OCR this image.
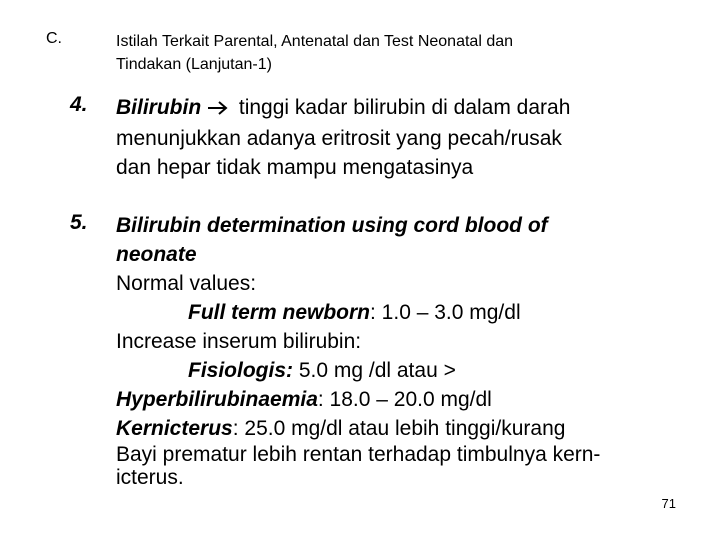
C.	Istilah Terkait Parental, Antenatal dan Test Neonatal dan
Tindakan (Lanjutan-1)
4. Bilirubin tinggi kadar bilirubin di dalam darah
menunjukkan adanya eritrosit yang pecah/rusak
dan hepar tidak mampu mengatasinya
5. Bilirubin determination using cord blood of
neonate
Normal values:
Full term newborn: 1.0 – 3.0 mg/dl
Increase inserum bilirubin:
Fisiologis: 5.0 mg /dl atau >
Hyperbilirubinaemia: 18.0 – 20.0 mg/dl
Kernicterus: 25.0 mg/dl atau lebih tinggi/kurang
Bayi prematur lebih rentan terhadap timbulnya kern-
icterus.
71
